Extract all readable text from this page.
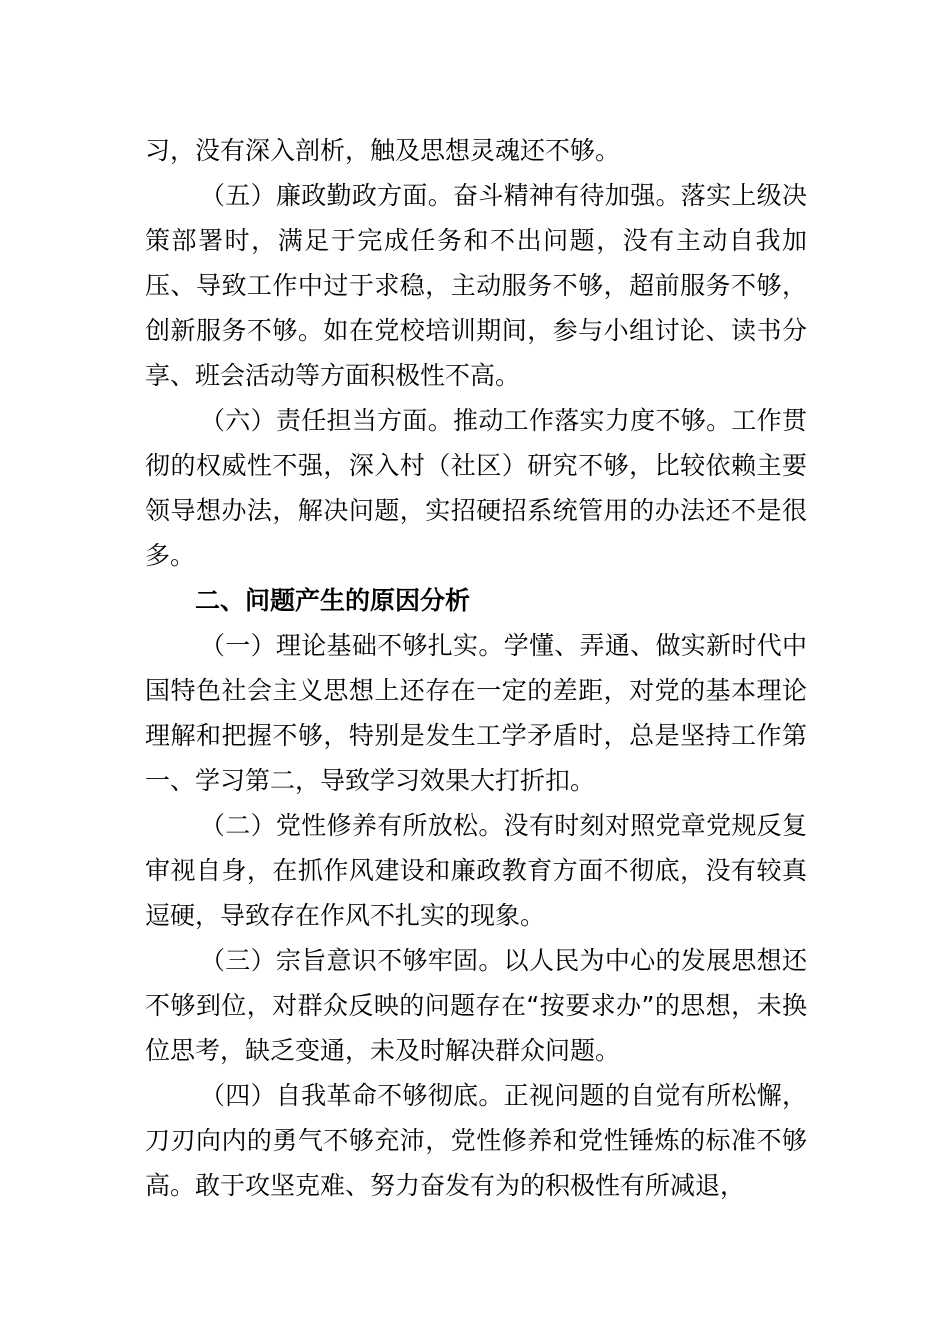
习，没有深入剖析，触及思想灵魂还不够。

（五）廉政勤政方面。奋斗精神有待加强。落实上级决策部署时，满足于完成任务和不出问题，没有主动自我加压、导致工作中过于求稳，主动服务不够，超前服务不够，创新服务不够。如在党校培训期间，参与小组讨论、读书分享、班会活动等方面积极性不高。

（六）责任担当方面。推动工作落实力度不够。工作贯彻的权威性不强，深入村（社区）研究不够，比较依赖主要领导想办法，解决问题，实招硬招系统管用的办法还不是很多。

二、问题产生的原因分析

（一）理论基础不够扎实。学懂、弄通、做实新时代中国特色社会主义思想上还存在一定的差距，对党的基本理论理解和把握不够，特别是发生工学矛盾时，总是坚持工作第一、学习第二，导致学习效果大打折扣。

（二）党性修养有所放松。没有时刻对照党章党规反复审视自身，在抓作风建设和廉政教育方面不彻底，没有较真逗硬，导致存在作风不扎实的现象。

（三）宗旨意识不够牢固。以人民为中心的发展思想还不够到位，对群众反映的问题存在“按要求办”的思想，未换位思考，缺乏变通，未及时解决群众问题。

（四）自我革命不够彻底。正视问题的自觉有所松懈，刀刃向内的勇气不够充沛，党性修养和党性锤炼的标准不够高。敢于攻坚克难、努力奋发有为的积极性有所减退，
